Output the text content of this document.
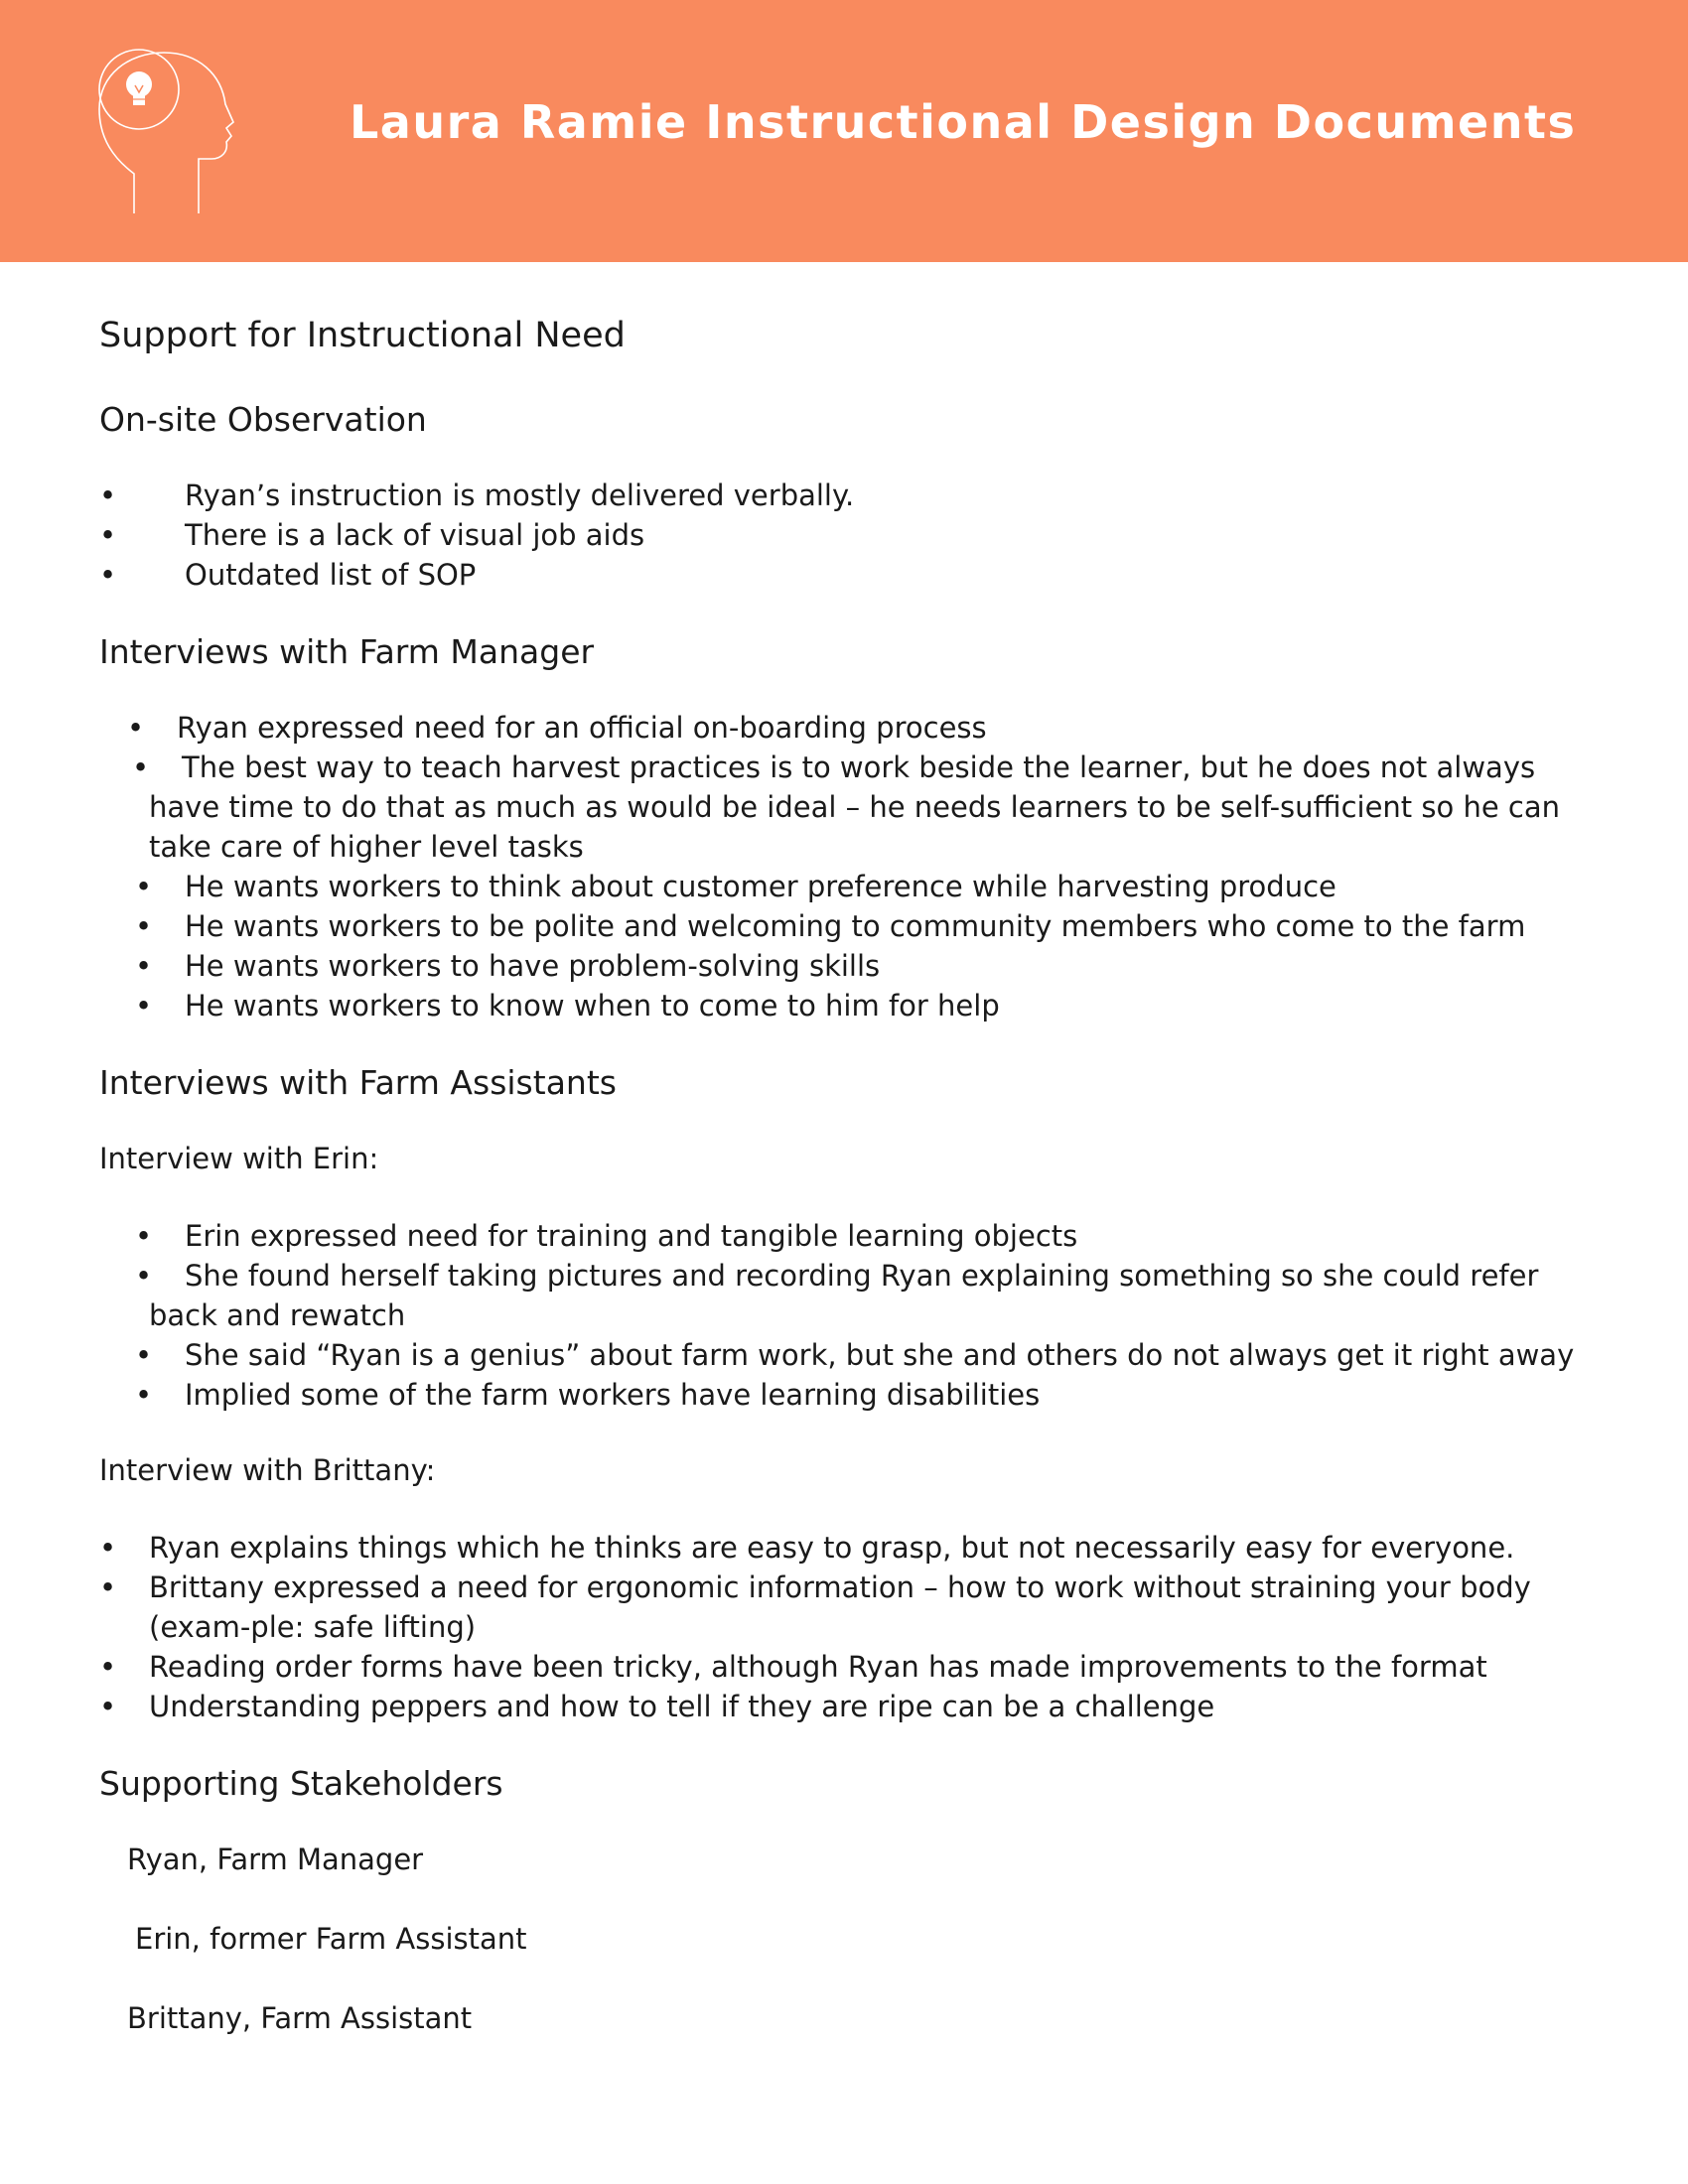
Laura Ramie Instructional Design Documents
Support for Instructional Need
On-site Observation
• Ryan’s instruction is mostly delivered verbally.
• There is a lack of visual job aids
• Outdated list of SOP
Interviews with Farm Manager
• Ryan expressed need for an official on-boarding process
• The best way to teach harvest practices is to work beside the learner, but he does not always have time to do that as much as would be ideal – he needs learners to be self-sufficient so he can take care of higher level tasks
• He wants workers to think about customer preference while harvesting produce
• He wants workers to be polite and welcoming to community members who come to the farm
• He wants workers to have problem-solving skills
• He wants workers to know when to come to him for help
Interviews with Farm Assistants

Interview with Erin:

• Erin expressed need for training and tangible learning objects
• She found herself taking pictures and recording Ryan explaining something so she could refer back and rewatch
• She said “Ryan is a genius” about farm work, but she and others do not always get it right away
• Implied some of the farm workers have learning disabilities

Interview with Brittany:

• Ryan explains things which he thinks are easy to grasp, but not necessarily easy for everyone.
• Brittany expressed a need for ergonomic information – how to work without straining your body (exam-ple: safe lifting)
• Reading order forms have been tricky, although Ryan has made improvements to the format
• Understanding peppers and how to tell if they are ripe can be a challenge
Supporting Stakeholders
Ryan, Farm Manager
Erin, former Farm Assistant
Brittany, Farm Assistant
